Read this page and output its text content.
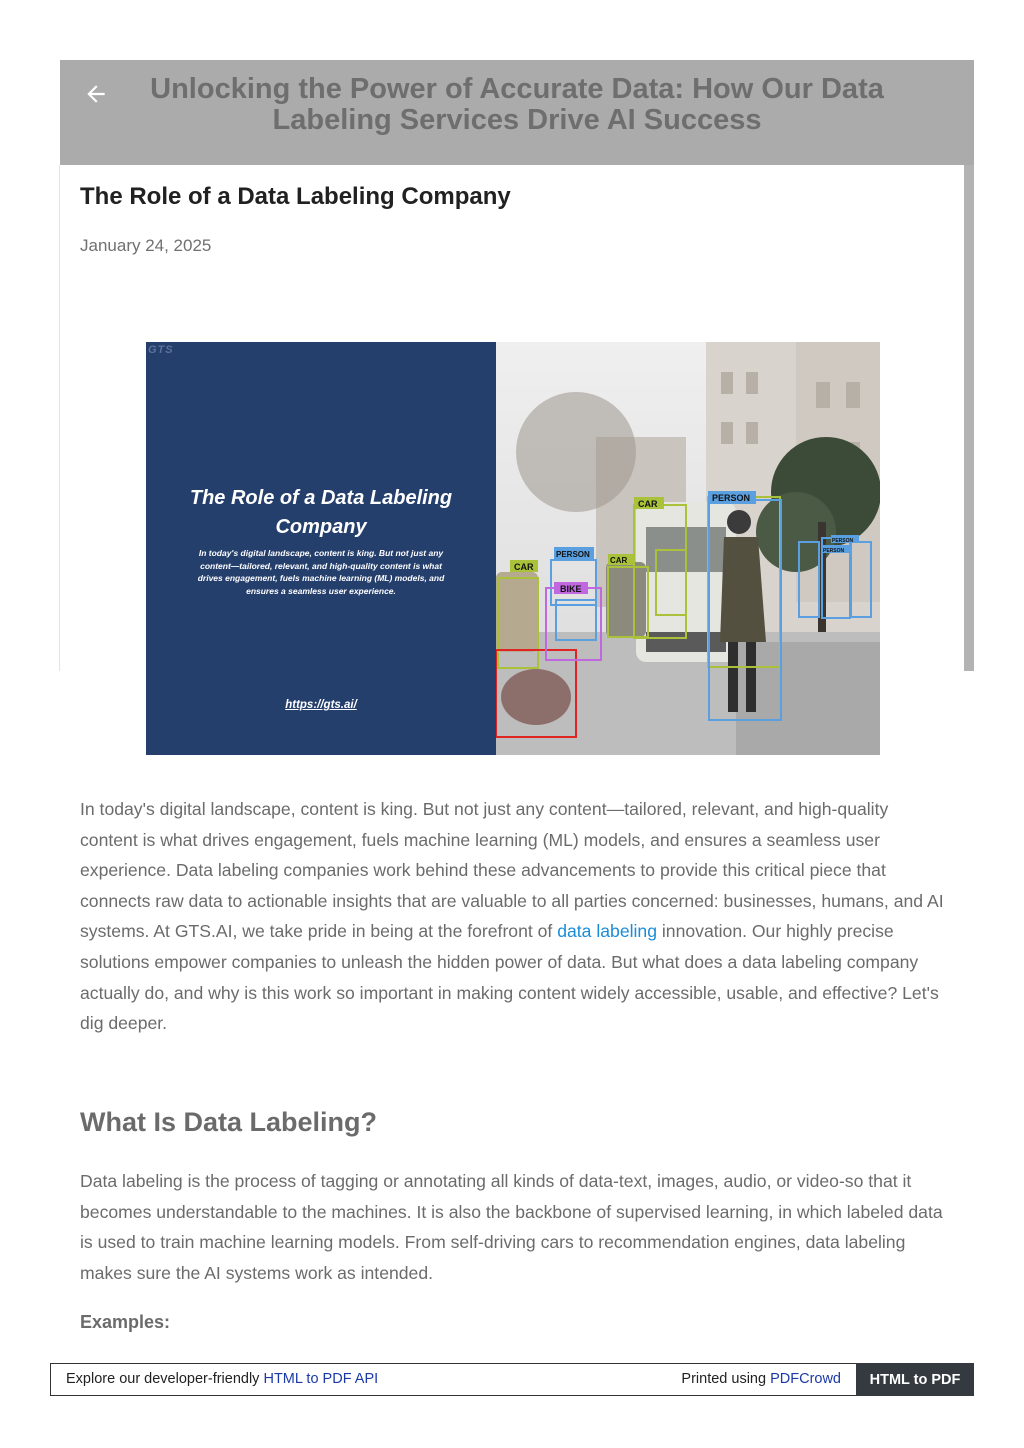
Unlocking the Power of Accurate Data: How Our Data Labeling Services Drive AI Success
The Role of a Data Labeling Company
January 24, 2025
GTS
The Role of a Data Labeling Company
In today's digital landscape, content is king. But not just any content—tailored, relevant, and high-quality content is what drives engagement, fuels machine learning (ML) models, and ensures a seamless user experience.
https://gts.ai/
CAR
PERSON
CAR
CAR
BIKE
PERSON	PERSON
PERSON

In today's digital landscape, content is king. But not just any content—tailored, relevant, and high-quality content is what drives engagement, fuels machine learning (ML) models, and ensures a seamless user experience. Data labeling companies work behind these advancements to provide this critical piece that connects raw data to actionable insights that are valuable to all parties concerned: businesses, humans, and AI systems. At GTS.AI, we take pride in being at the forefront of data labeling innovation. Our highly precise solutions empower companies to unleash the hidden power of data. But what does a data labeling company actually do, and why is this work so important in making content widely accessible, usable, and effective? Let's dig deeper.

What Is Data Labeling?

Data labeling is the process of tagging or annotating all kinds of data-text, images, audio, or video-so that it becomes understandable to the machines. It is also the backbone of supervised learning, in which labeled data is used to train machine learning models. From self-driving cars to recommendation engines, data labeling makes sure the AI systems work as intended.

Examples:
Explore our developer-friendly HTML to PDF API	Printed using PDFCrowd	HTML to PDF
